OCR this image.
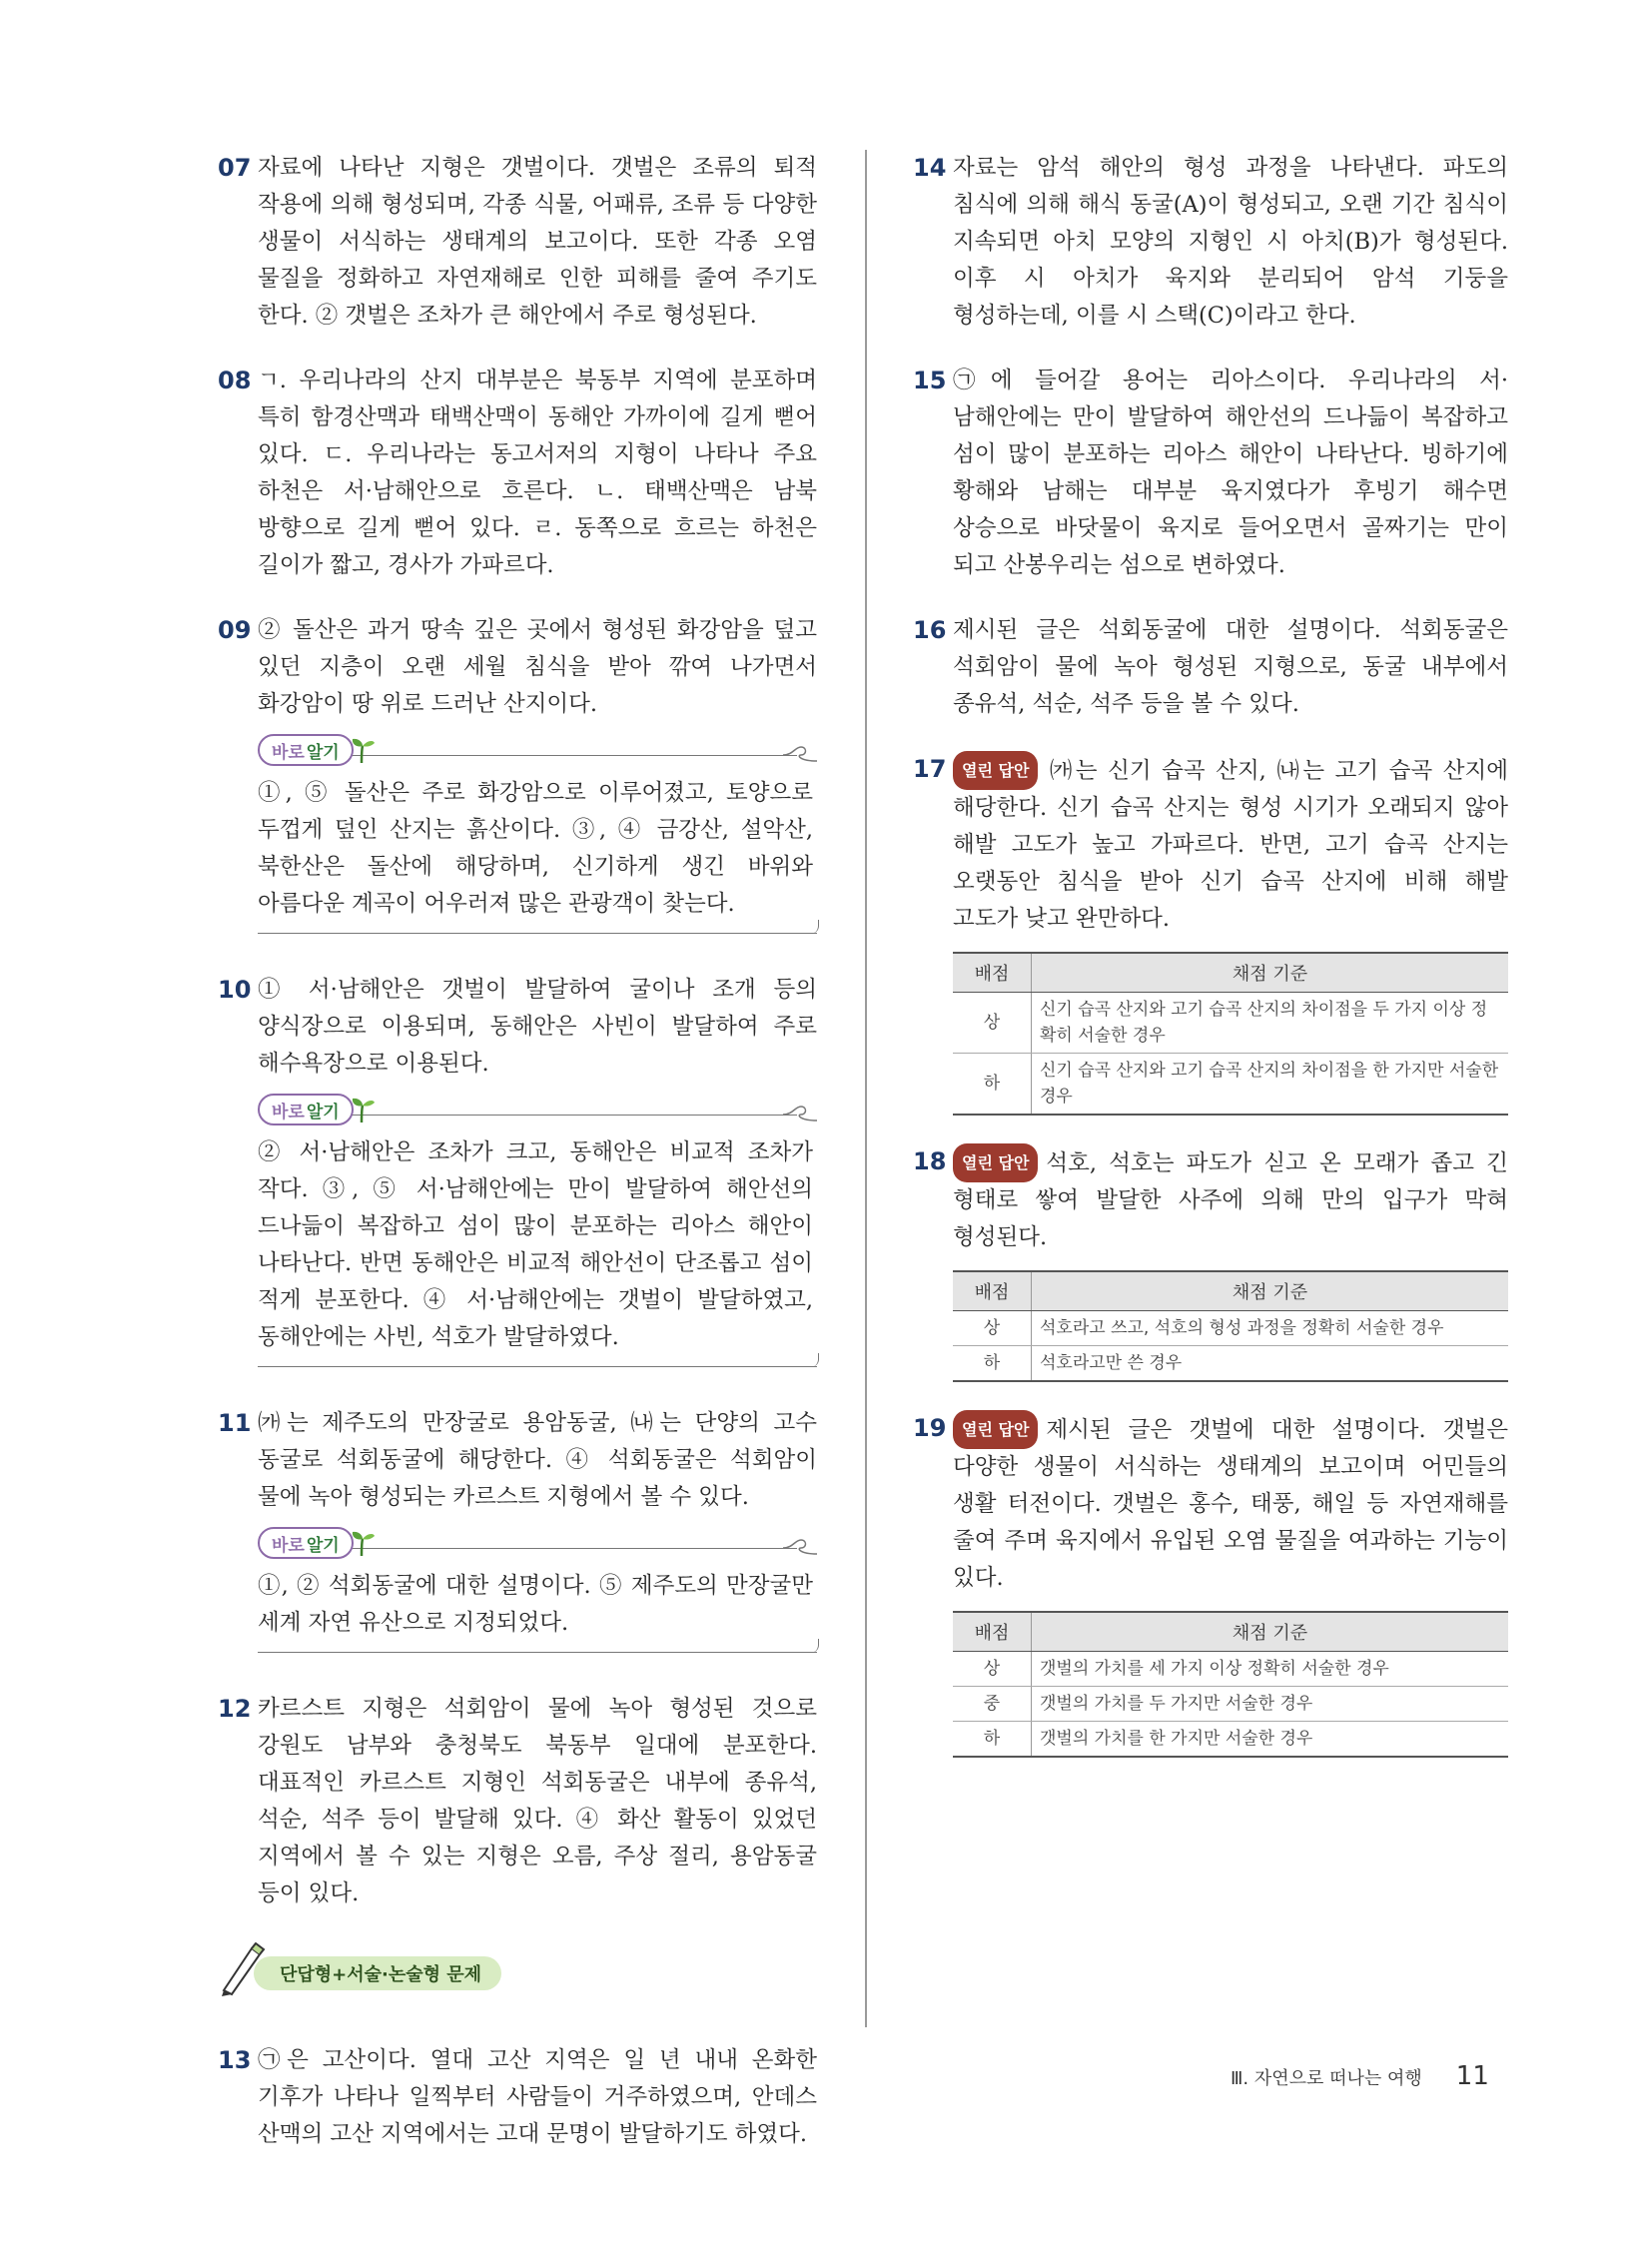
07 자료에 나타난 지형은 갯벌이다. 갯벌은 조류의 퇴적 작용에 의해 형성되며, 각종 식물, 어패류, 조류 등 다양한 생물이 서식하는 생태계의 보고이다. 또한 각종 오염 물질을 정화하고 자연재해로 인한 피해를 줄여 주기도 한다. ② 갯벌은 조차가 큰 해안에서 주로 형성된다.
08 ㄱ. 우리나라의 산지 대부분은 북동부 지역에 분포하며 특히 함경산맥과 태백산맥이 동해안 가까이에 길게 뻗어 있다. ㄷ. 우리나라는 동고서저의 지형이 나타나 주요 하천은 서·남해안으로 흐른다. ㄴ. 태백산맥은 남북 방향으로 길게 뻗어 있다. ㄹ. 동쪽으로 흐르는 하천은 길이가 짧고, 경사가 가파르다.
09 ② 돌산은 과거 땅속 깊은 곳에서 형성된 화강암을 덮고 있던 지층이 오랜 세월 침식을 받아 깎여 나가면서 화강암이 땅 위로 드러난 산지이다.
바로 알기
①, ⑤ 돌산은 주로 화강암으로 이루어졌고, 토양으로 두껍게 덮인 산지는 흙산이다. ③, ④ 금강산, 설악산, 북한산은 돌산에 해당하며, 신기하게 생긴 바위와 아름다운 계곡이 어우러져 많은 관광객이 찾는다.
10 ① 서·남해안은 갯벌이 발달하여 굴이나 조개 등의 양식장으로 이용되며, 동해안은 사빈이 발달하여 주로 해수욕장으로 이용된다.
바로 알기
② 서·남해안은 조차가 크고, 동해안은 비교적 조차가 작다. ③, ⑤ 서·남해안에는 만이 발달하여 해안선의 드나듦이 복잡하고 섬이 많이 분포하는 리아스 해안이 나타난다. 반면 동해안은 비교적 해안선이 단조롭고 섬이 적게 분포한다. ④ 서·남해안에는 갯벌이 발달하였고, 동해안에는 사빈, 석호가 발달하였다.
11 ㈎는 제주도의 만장굴로 용암동굴, ㈏는 단양의 고수 동굴로 석회동굴에 해당한다. ④ 석회동굴은 석회암이 물에 녹아 형성되는 카르스트 지형에서 볼 수 있다.
바로 알기
①, ② 석회동굴에 대한 설명이다. ⑤ 제주도의 만장굴만 세계 자연 유산으로 지정되었다.
12 카르스트 지형은 석회암이 물에 녹아 형성된 것으로 강원도 남부와 충청북도 북동부 일대에 분포한다. 대표적인 카르스트 지형인 석회동굴은 내부에 종유석, 석순, 석주 등이 발달해 있다. ④ 화산 활동이 있었던 지역에서 볼 수 있는 지형은 오름, 주상 절리, 용암동굴 등이 있다.
단답형+서술·논술형 문제
13 ㉠은 고산이다. 열대 고산 지역은 일 년 내내 온화한 기후가 나타나 일찍부터 사람들이 거주하였으며, 안데스 산맥의 고산 지역에서는 고대 문명이 발달하기도 하였다.
14 자료는 암석 해안의 형성 과정을 나타낸다. 파도의 침식에 의해 해식 동굴(A)이 형성되고, 오랜 기간 침식이 지속되면 아치 모양의 지형인 시 아치(B)가 형성된다. 이후 시 아치가 육지와 분리되어 암석 기둥을 형성하는데, 이를 시 스택(C)이라고 한다.
15 ㉠에 들어갈 용어는 리아스이다. 우리나라의 서·남해안에는 만이 발달하여 해안선의 드나듦이 복잡하고 섬이 많이 분포하는 리아스 해안이 나타난다. 빙하기에 황해와 남해는 대부분 육지였다가 후빙기 해수면 상승으로 바닷물이 육지로 들어오면서 골짜기는 만이 되고 산봉우리는 섬으로 변하였다.
16 제시된 글은 석회동굴에 대한 설명이다. 석회동굴은 석회암이 물에 녹아 형성된 지형으로, 동굴 내부에서 종유석, 석순, 석주 등을 볼 수 있다.
17 열린 답안 ㈎는 신기 습곡 산지, ㈏는 고기 습곡 산지에 해당한다. 신기 습곡 산지는 형성 시기가 오래되지 않아 해발 고도가 높고 가파르다. 반면, 고기 습곡 산지는 오랫동안 침식을 받아 신기 습곡 산지에 비해 해발 고도가 낮고 완만하다.
배점	채점 기준
상	신기 습곡 산지와 고기 습곡 산지의 차이점을 두 가지 이상 정확히 서술한 경우
하	신기 습곡 산지와 고기 습곡 산지의 차이점을 한 가지만 서술한 경우
18 열린 답안 석호, 석호는 파도가 싣고 온 모래가 좁고 긴 형태로 쌓여 발달한 사주에 의해 만의 입구가 막혀 형성된다.
배점	채점 기준
상	석호라고 쓰고, 석호의 형성 과정을 정확히 서술한 경우
하	석호라고만 쓴 경우
19 열린 답안 제시된 글은 갯벌에 대한 설명이다. 갯벌은 다양한 생물이 서식하는 생태계의 보고이며 어민들의 생활 터전이다. 갯벌은 홍수, 태풍, 해일 등 자연재해를 줄여 주며 육지에서 유입된 오염 물질을 여과하는 기능이 있다.
배점	채점 기준
상	갯벌의 가치를 세 가지 이상 정확히 서술한 경우
중	갯벌의 가치를 두 가지만 서술한 경우
하	갯벌의 가치를 한 가지만 서술한 경우
Ⅲ. 자연으로 떠나는 여행 11
